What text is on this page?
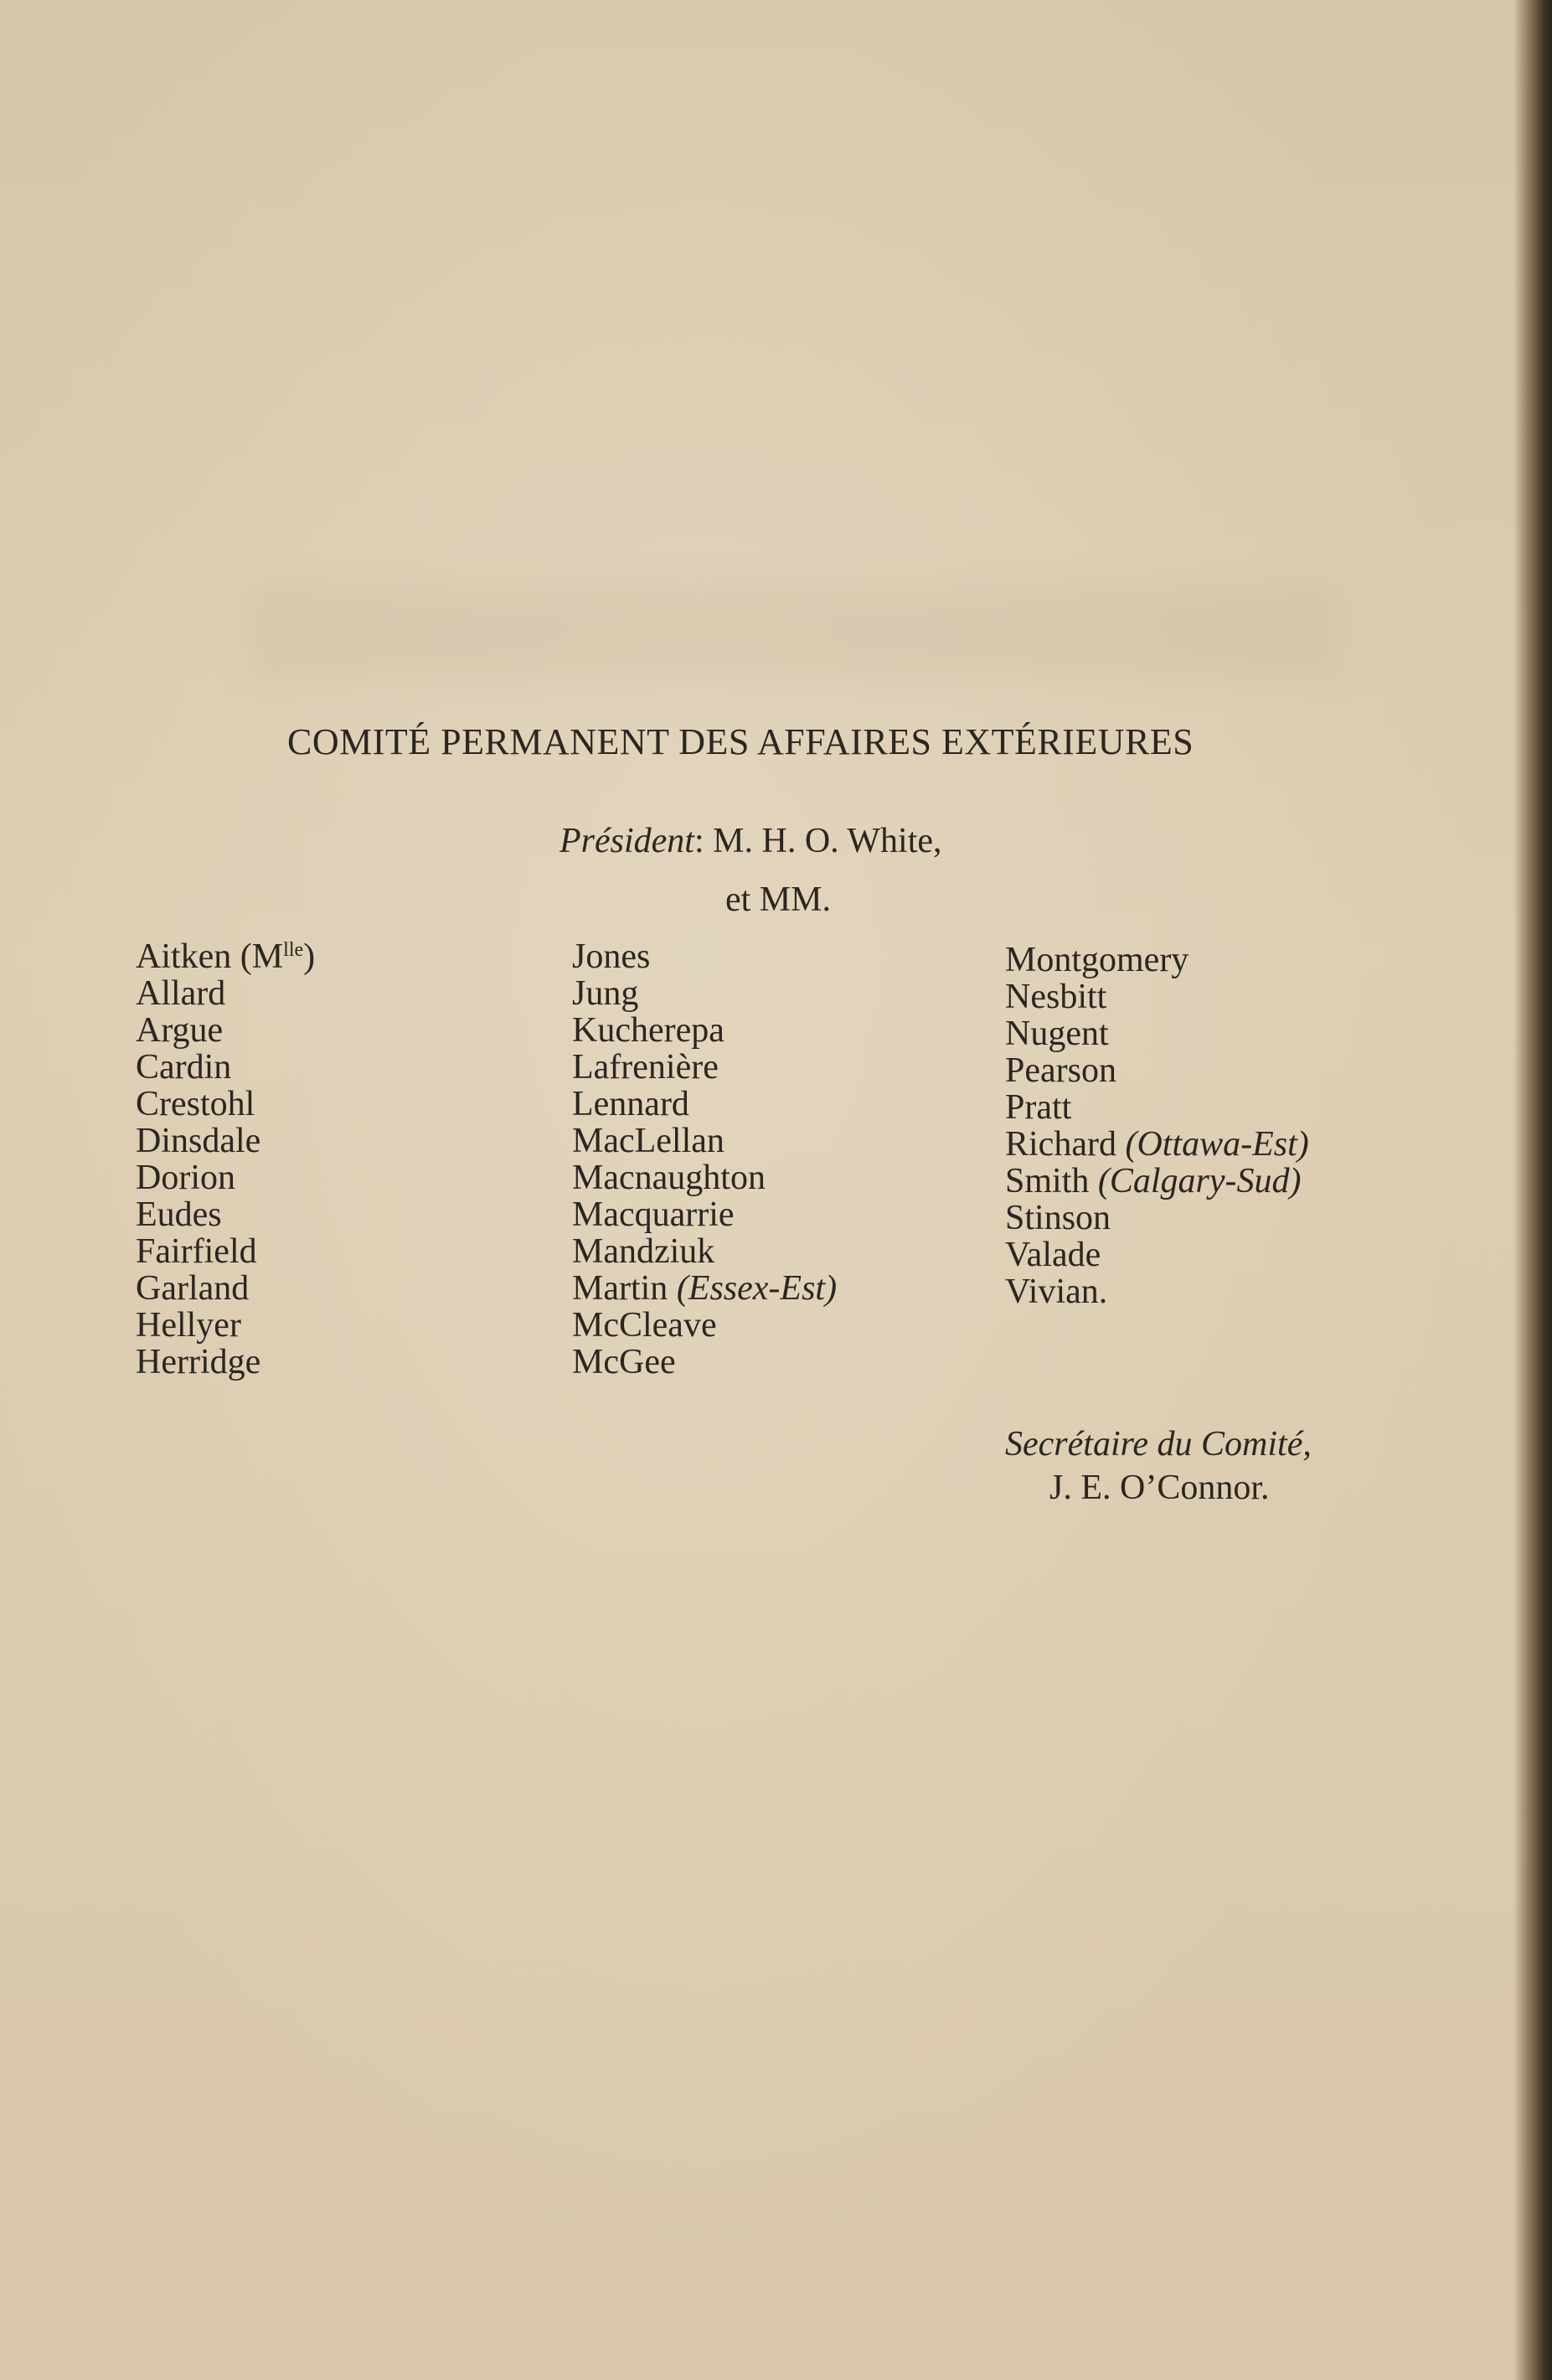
COMITÉ PERMANENT DES AFFAIRES EXTÉRIEURES
Président: M. H. O. White,
et MM.
Aitken $(M^{lle})$
Allard
Argue
Cardin
Crestohl
Dinsdale
Dorion
Eudes
Fairfield
Garland
Hellyer
Herridge
Jones
Jung
Kucherepa
Lafrenière
Lennard
MacLellan
Macnaughton
Macquarrie
Mandziuk
Martin (Essex-Est)
McCleave
McGee
Montgomery
Nesbitt
Nugent
Pearson
Pratt
Richard (Ottawa-Est)
Smith (Calgary-Sud)
Stinson
Valade
Vivian.
Secrétaire du Comité,
J. E. O’Connor.
